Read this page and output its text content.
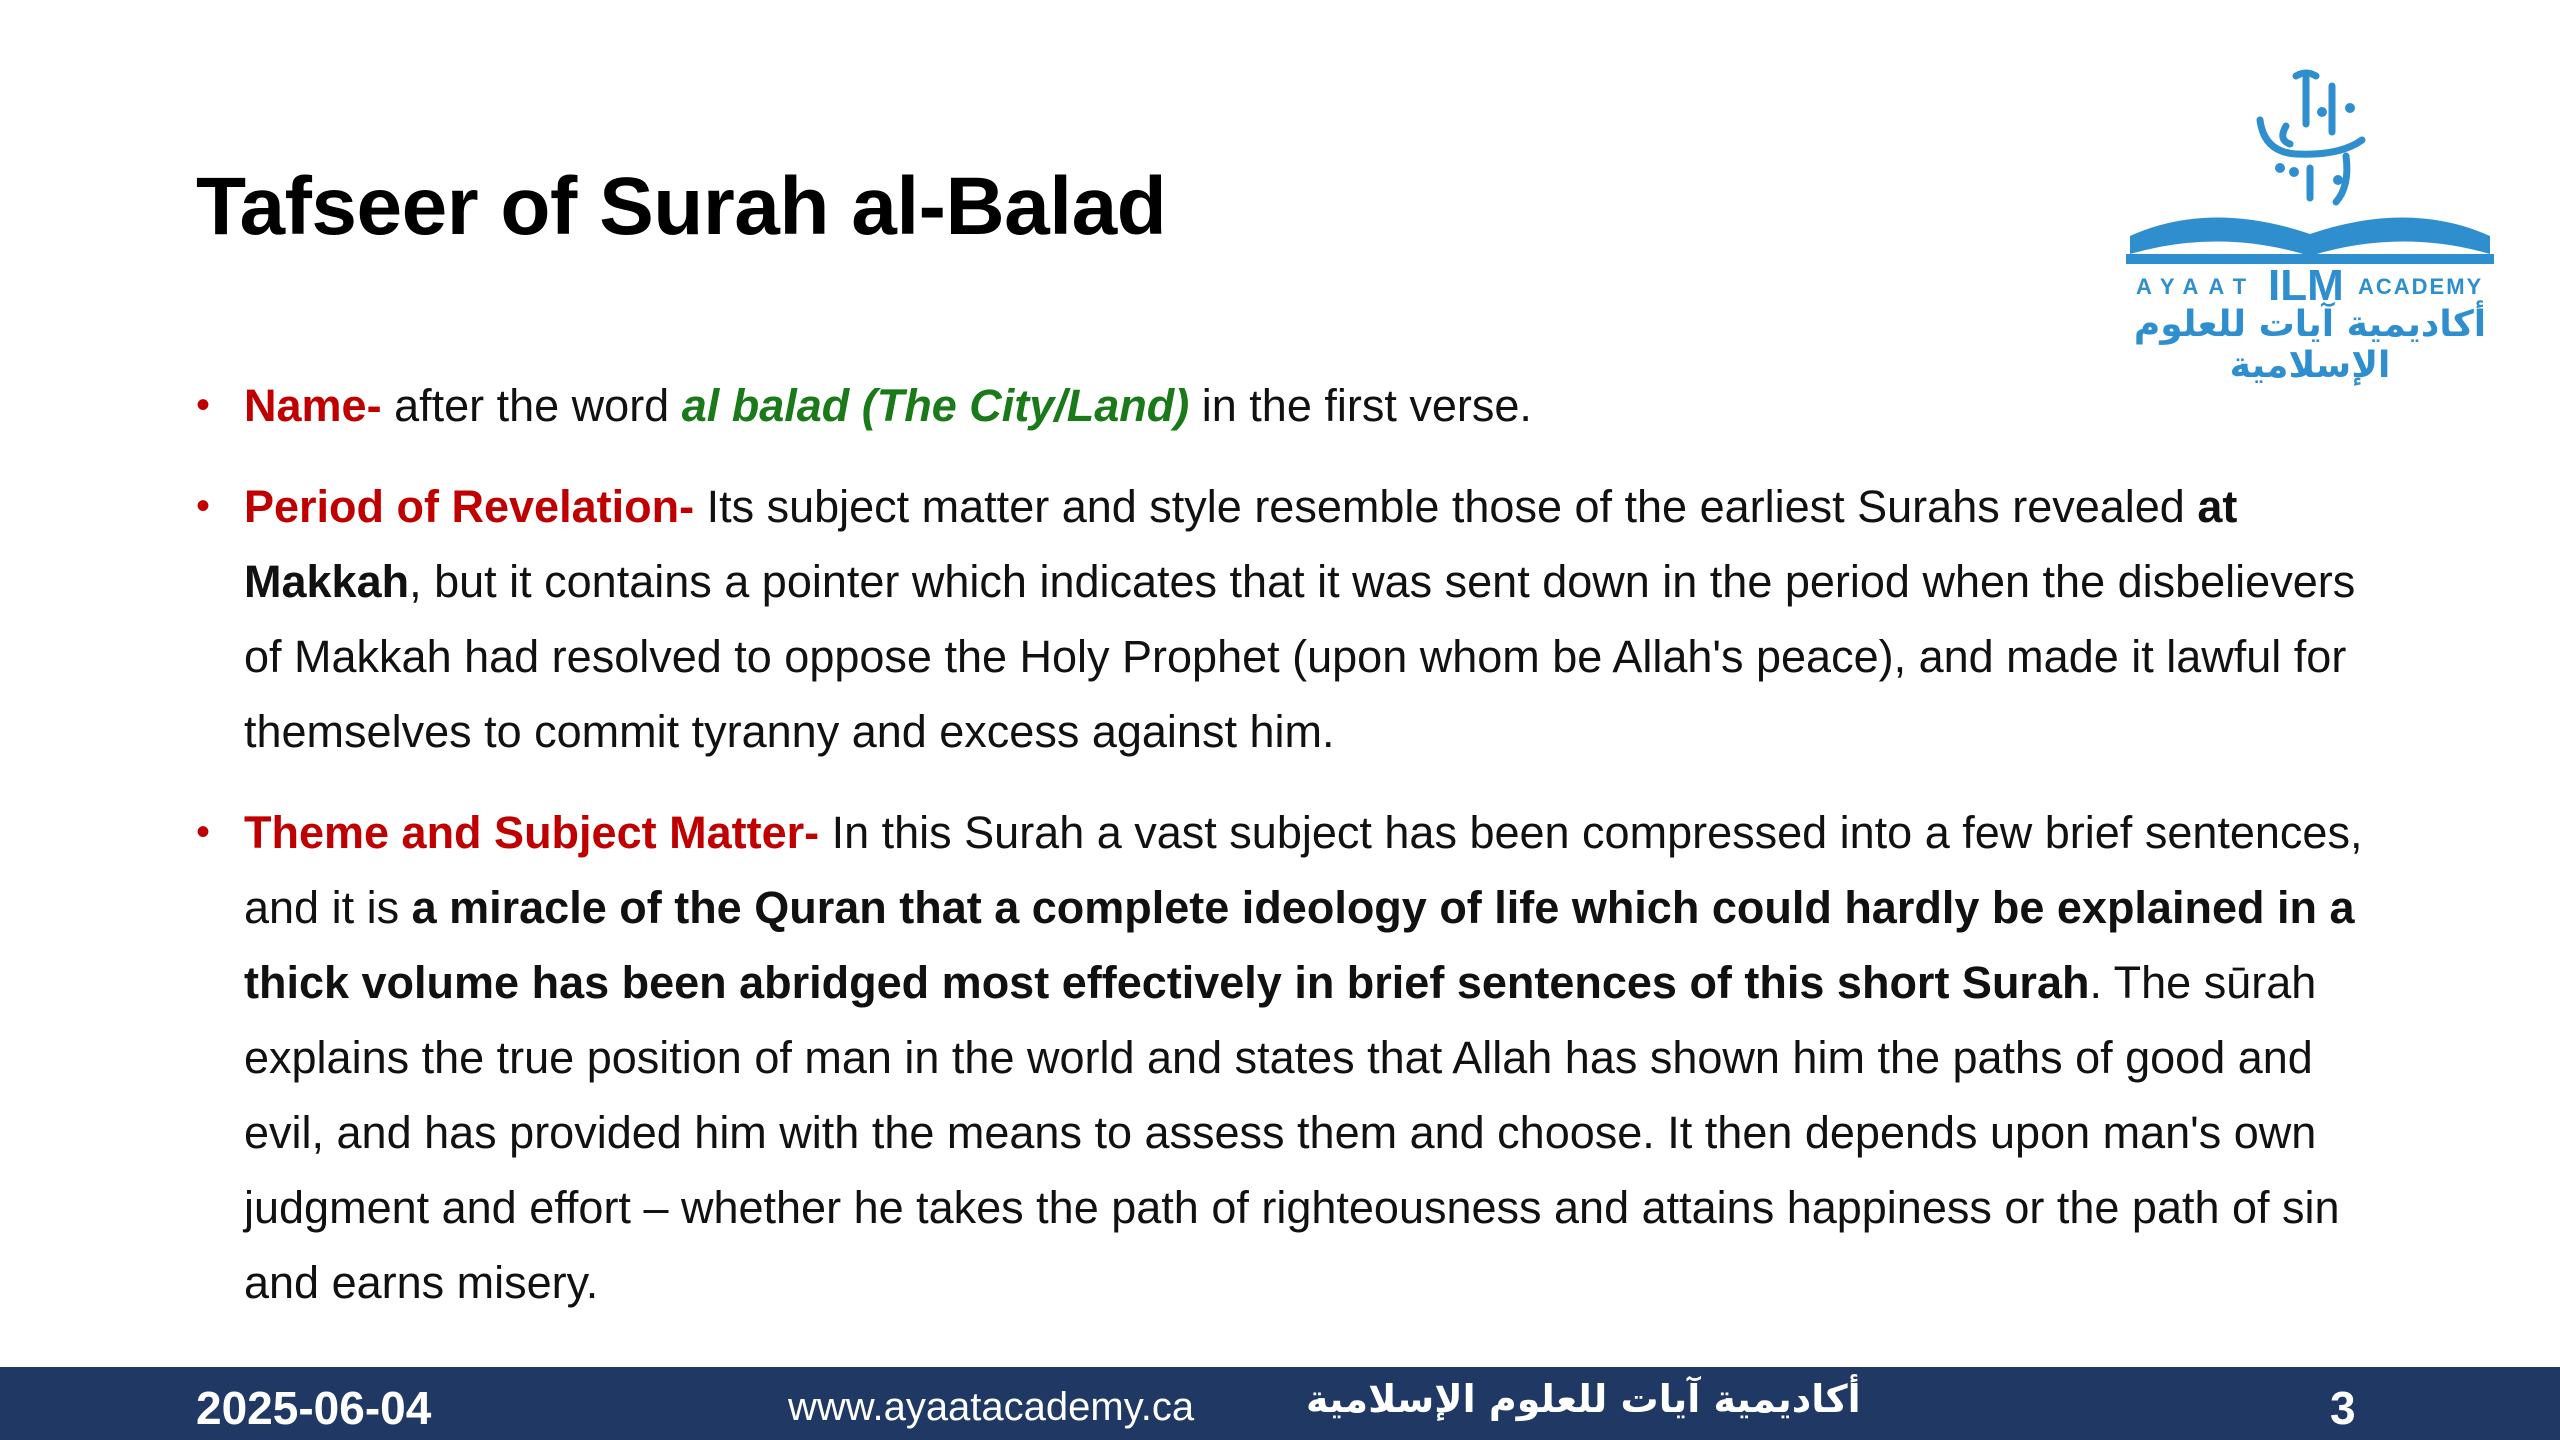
Tafseer of Surah al-Balad
AYAAT ILM ACADEMY
أكاديمية آيات للعلوم الإسلامية
• Name- after the word al balad (The City/Land) in the first verse.
• Period of Revelation- Its subject matter and style resemble those of the earliest Surahs revealed at Makkah, but it contains a pointer which indicates that it was sent down in the period when the disbelievers of Makkah had resolved to oppose the Holy Prophet (upon whom be Allah's peace), and made it lawful for themselves to commit tyranny and excess against him.
• Theme and Subject Matter- In this Surah a vast subject has been compressed into a few brief sentences, and it is a miracle of the Quran that a complete ideology of life which could hardly be explained in a thick volume has been abridged most effectively in brief sentences of this short Surah. The sūrah explains the true position of man in the world and states that Allah has shown him the paths of good and evil, and has provided him with the means to assess them and choose. It then depends upon man's own judgment and effort – whether he takes the path of righteousness and attains happiness or the path of sin and earns misery.
2025-06-04	www.ayaatacademy.ca	أكاديمية آيات للعلوم الإسلامية	3
